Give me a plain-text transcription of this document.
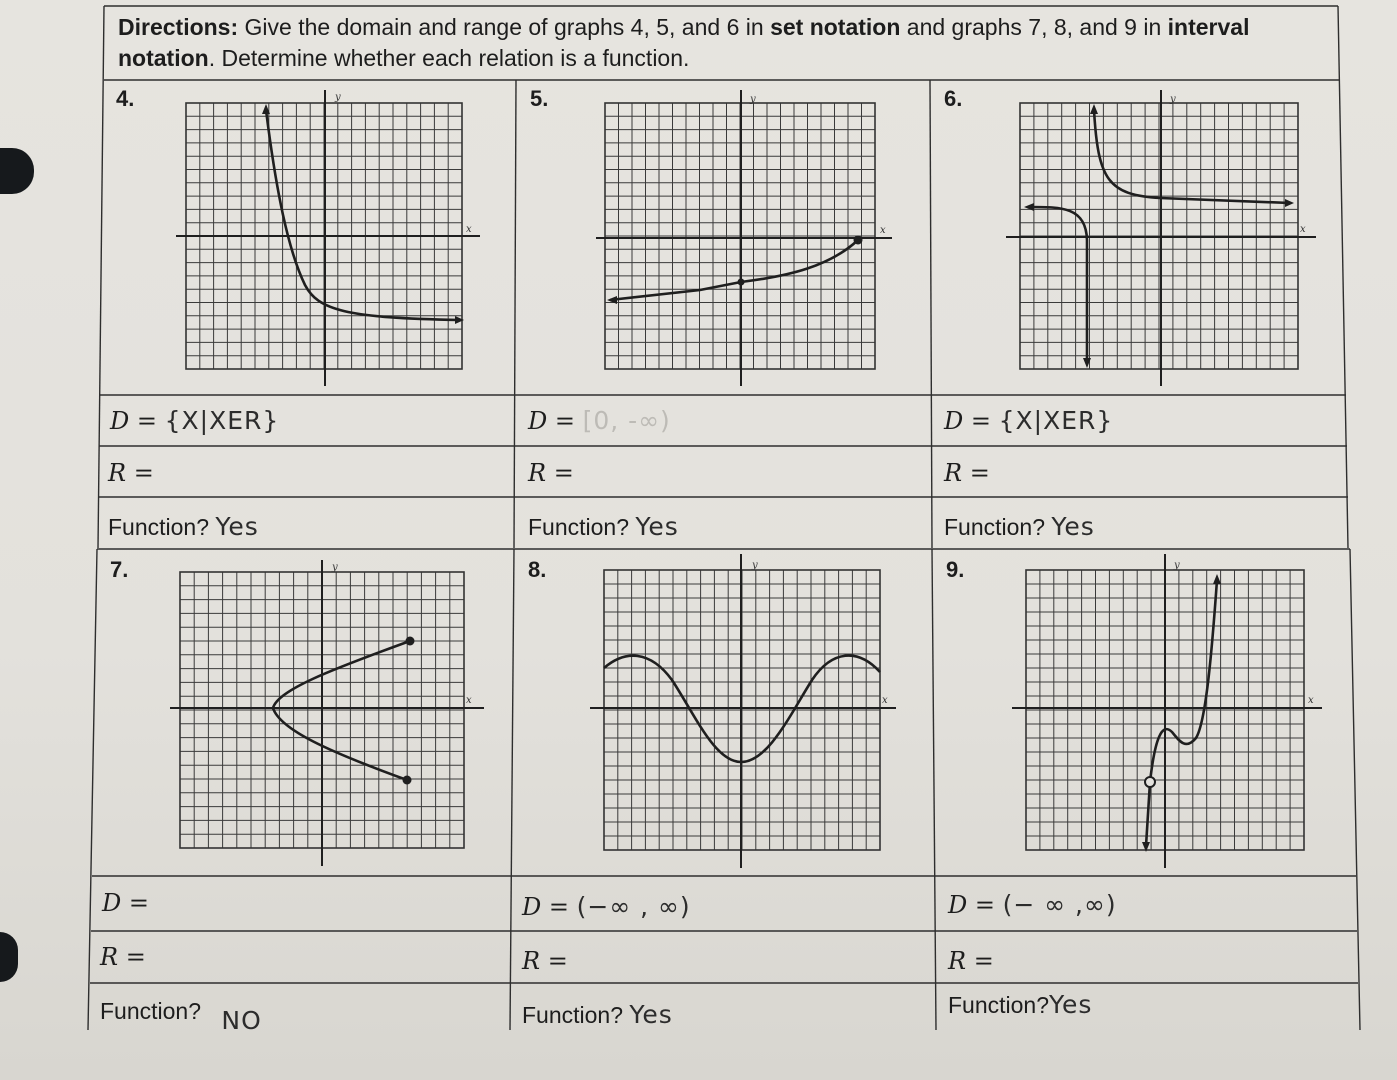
Directions: Give the domain and range of graphs 4, 5, and 6 in set notation and graphs 7, 8, and 9 in interval notation. Determine whether each relation is a function.
4.	5.	6.
7.	8.	9.
x
y
x
y
x
y
x
y
x
y
x
y
D = {X|XER}	D = [0, -∞)	D = {X|XER}
R =	R =	R =
Function? Yes	Function? Yes	Function? Yes
D =	D = (−∞ , ∞)	D = (− ∞ ,∞)
R =	R =	R =
Function? NO	Function? Yes	Function?Yes
